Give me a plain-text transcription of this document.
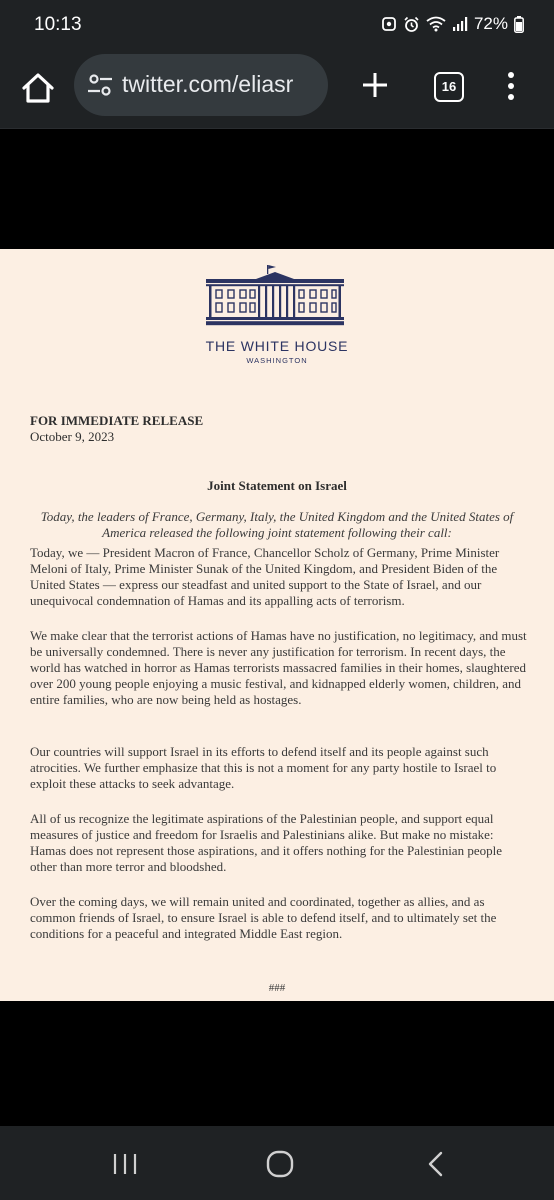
10:13	72%
twitter.com/eliasr	16
THE WHITE HOUSE
WASHINGTON
FOR IMMEDIATE RELEASE
October 9, 2023
Joint Statement on Israel
Today, the leaders of France, Germany, Italy, the United Kingdom and the United States of America released the following joint statement following their call:

Today, we — President Macron of France, Chancellor Scholz of Germany, Prime Minister Meloni of Italy, Prime Minister Sunak of the United Kingdom, and President Biden of the United States — express our steadfast and united support to the State of Israel, and our unequivocal condemnation of Hamas and its appalling acts of terrorism.

We make clear that the terrorist actions of Hamas have no justification, no legitimacy, and must be universally condemned. There is never any justification for terrorism. In recent days, the world has watched in horror as Hamas terrorists massacred families in their homes, slaughtered over 200 young people enjoying a music festival, and kidnapped elderly women, children, and entire families, who are now being held as hostages.

Our countries will support Israel in its efforts to defend itself and its people against such atrocities. We further emphasize that this is not a moment for any party hostile to Israel to exploit these attacks to seek advantage.

All of us recognize the legitimate aspirations of the Palestinian people, and support equal measures of justice and freedom for Israelis and Palestinians alike. But make no mistake: Hamas does not represent those aspirations, and it offers nothing for the Palestinian people other than more terror and bloodshed.

Over the coming days, we will remain united and coordinated, together as allies, and as common friends of Israel, to ensure Israel is able to defend itself, and to ultimately set the conditions for a peaceful and integrated Middle East region.

###
